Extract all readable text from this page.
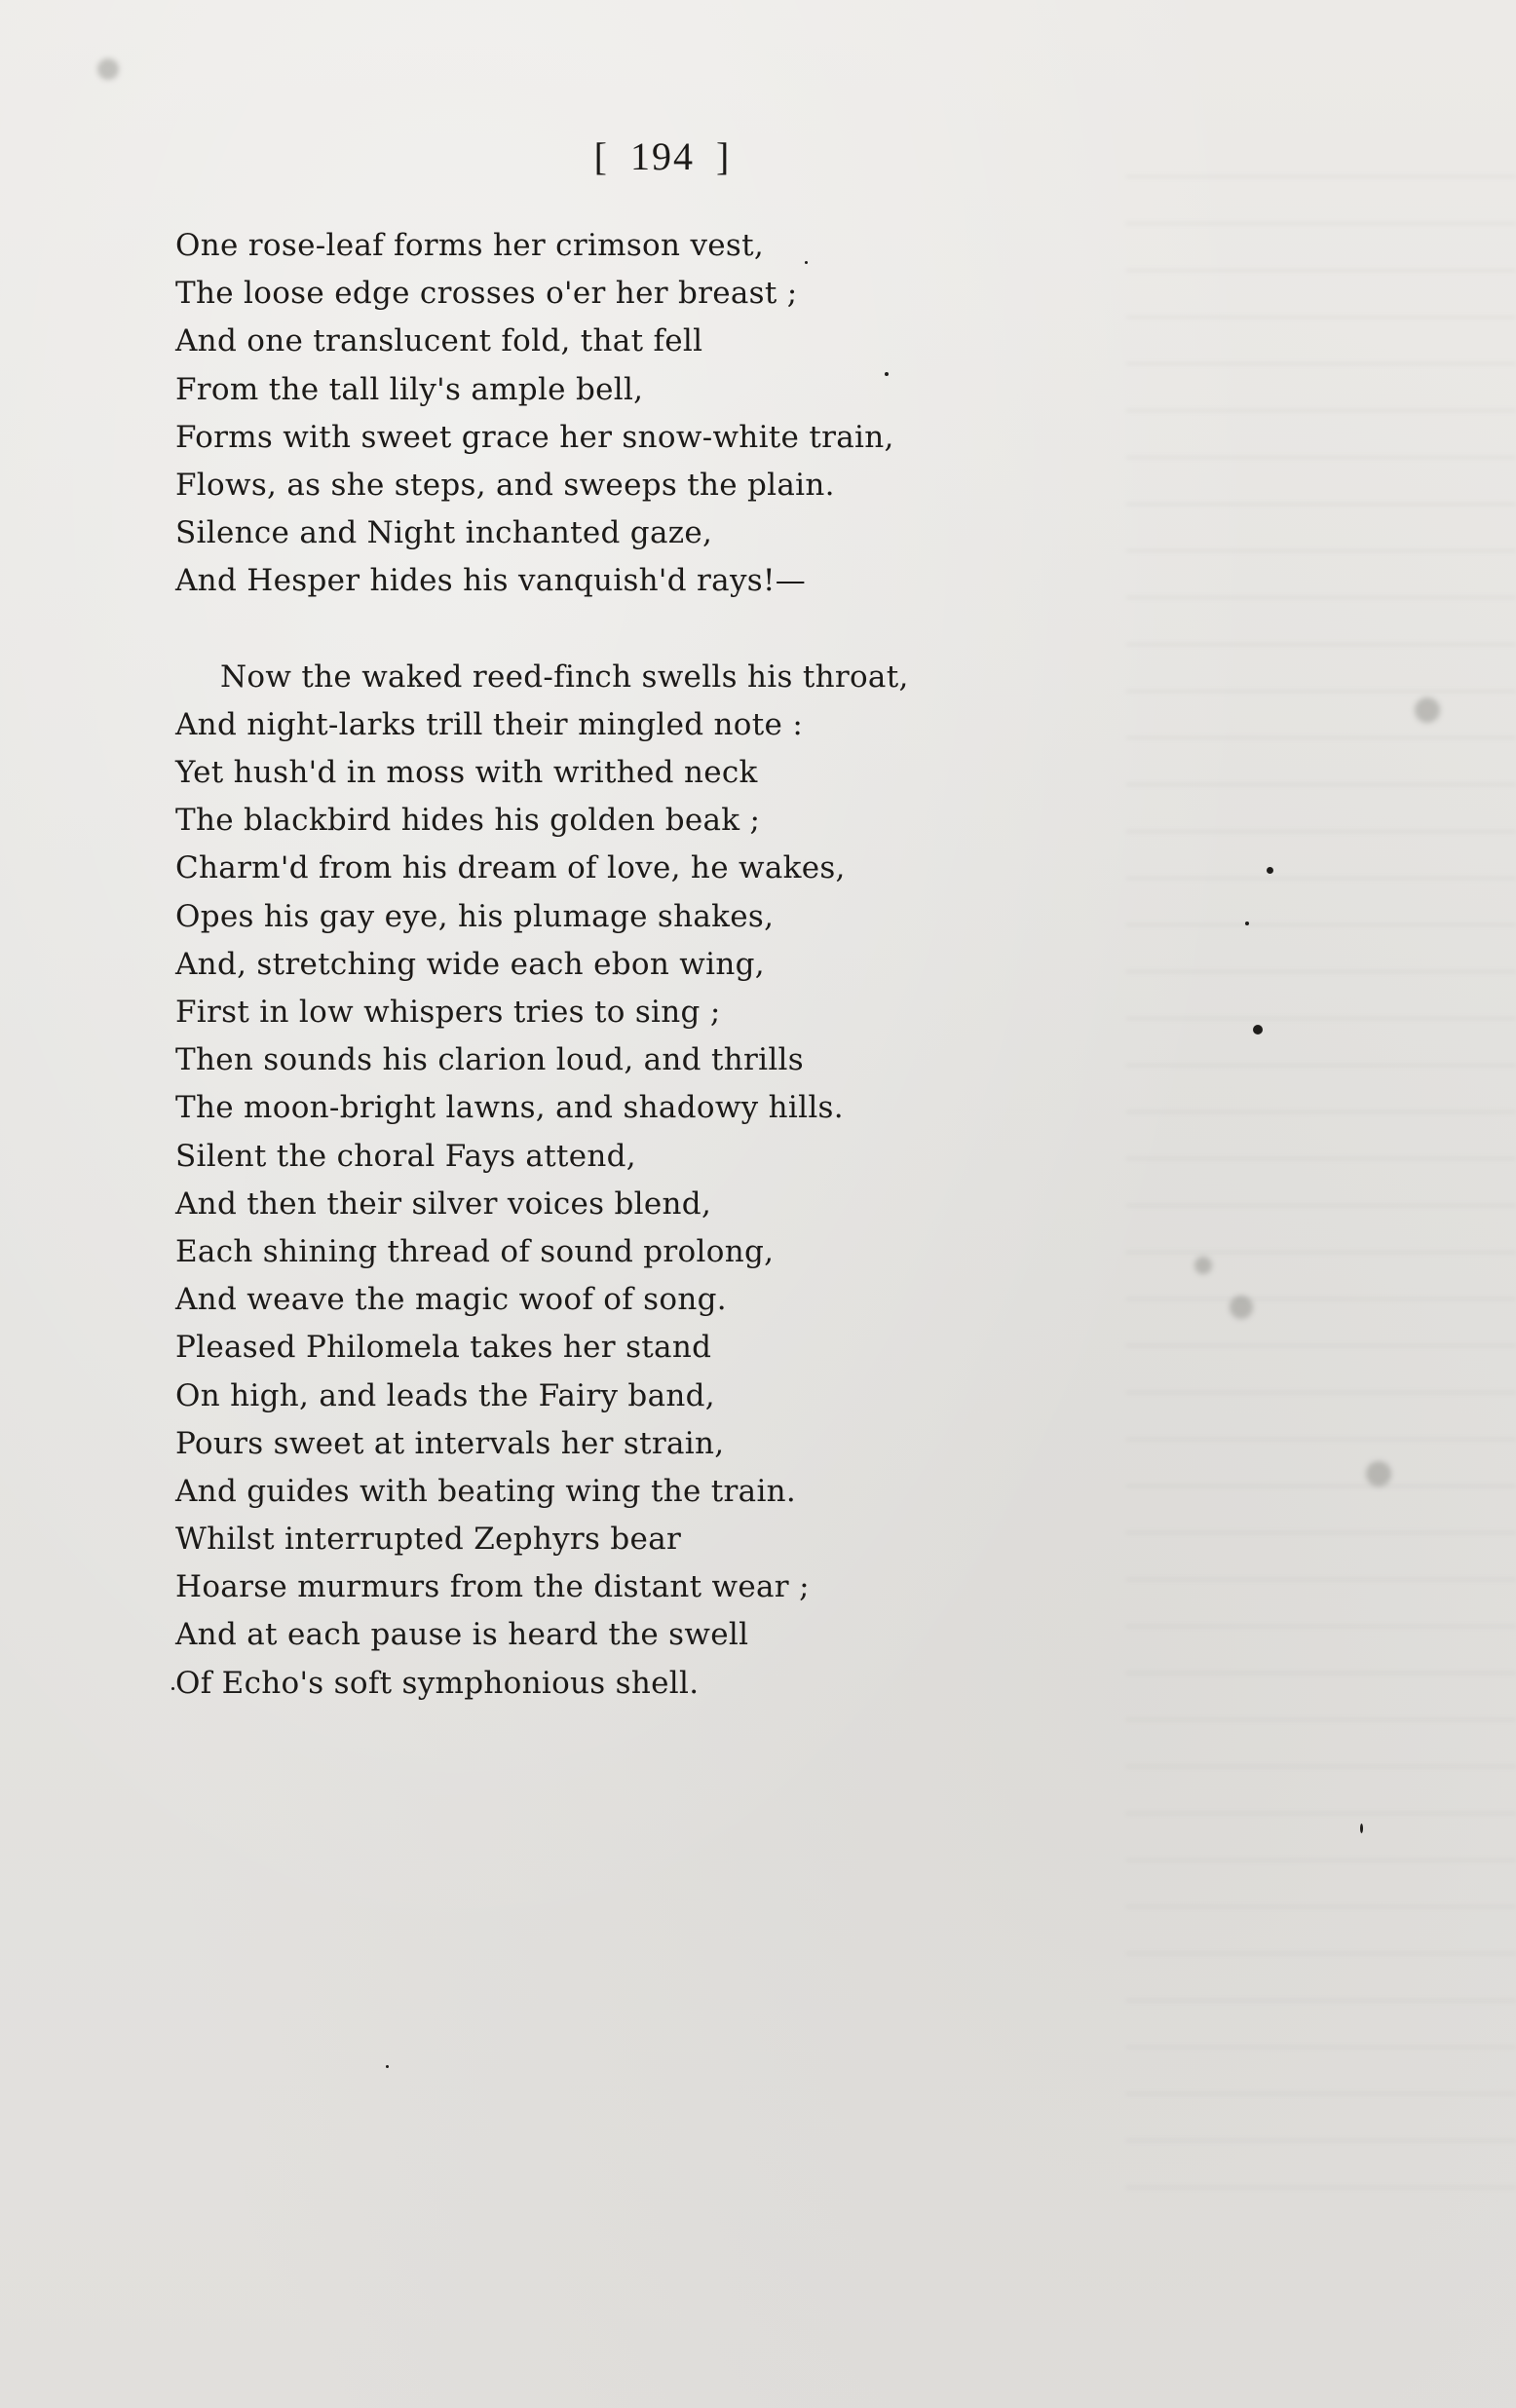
[ 194 ]
One rose-leaf forms her crimson vest,
The loose edge crosses o'er her breast ;
And one translucent fold, that fell
From the tall lily's ample bell,
Forms with sweet grace her snow-white train,
Flows, as she steps, and sweeps the plain.
Silence and Night inchanted gaze,
And Hesper hides his vanquish'd rays!—
Now the waked reed-finch swells his throat,
And night-larks trill their mingled note :
Yet hush'd in moss with writhed neck
The blackbird hides his golden beak ;
Charm'd from his dream of love, he wakes,
Opes his gay eye, his plumage shakes,
And, stretching wide each ebon wing,
First in low whispers tries to sing ;
Then sounds his clarion loud, and thrills
The moon-bright lawns, and shadowy hills.
Silent the choral Fays attend,
And then their silver voices blend,
Each shining thread of sound prolong,
And weave the magic woof of song.
Pleased Philomela takes her stand
On high, and leads the Fairy band,
Pours sweet at intervals her strain,
And guides with beating wing the train.
Whilst interrupted Zephyrs bear
Hoarse murmurs from the distant wear ;
And at each pause is heard the swell
Of Echo's soft symphonious shell.
